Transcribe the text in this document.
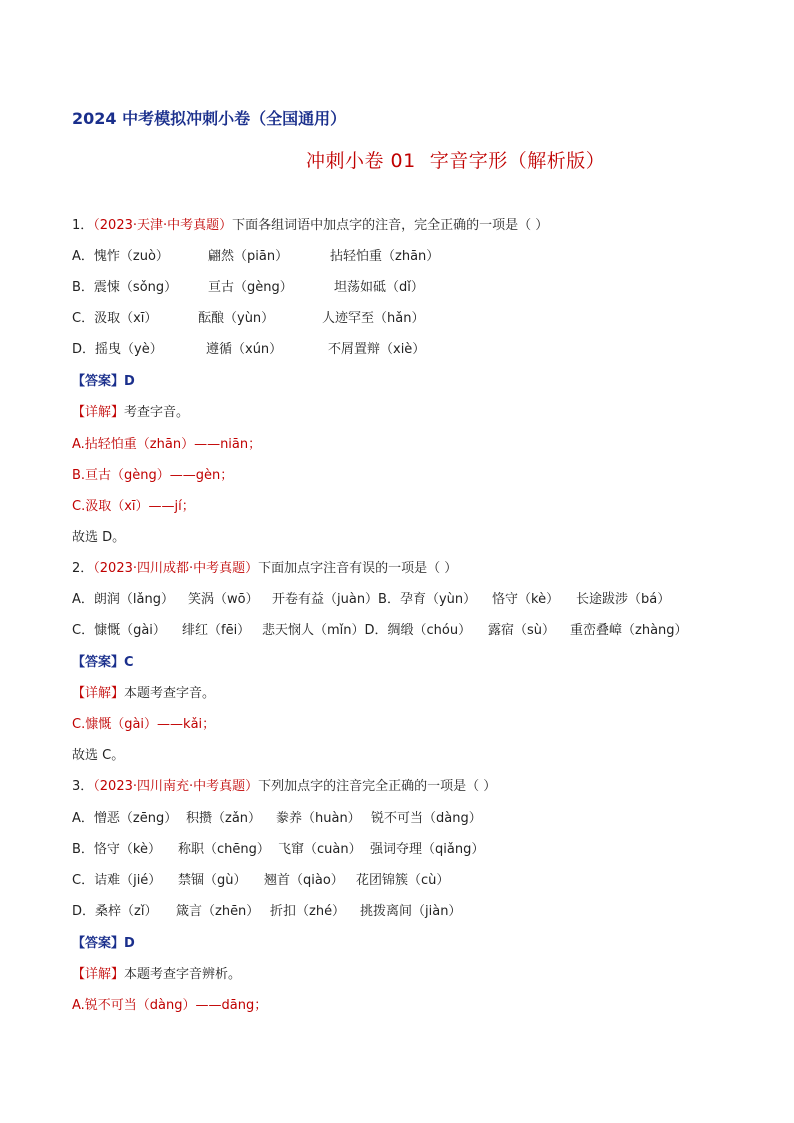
2024 中考模拟冲刺小卷（全国通用）
冲刺小卷 01 字音字形（解析版）
1．（2023·天津·中考真题）下面各组词语中加点字的注音，完全正确的一项是（ ）
A．愧怍（zuò）	翩然（piān）	拈轻怕重（zhān）
B．震悚（sǒng） 亘古（gèng）	坦荡如砥（dǐ）
C．汲取（xī）	酝酿（yùn）	人迹罕至（hǎn）
D．摇曳（yè）	遵循（xún）	不屑置辩（xiè）
【答案】D
【详解】考查字音。
A.拈轻怕重（zhān）——niān；
B.亘古（gèng）——gèn；
C.汲取（xī）——jí；
故选 D。
2．（2023·四川成都·中考真题）下面加点字注音有误的一项是（ ）
A．朗润（lǎng） 笑涡（wō） 开卷有益（juàn）B．孕育（yùn） 恪守（kè） 长途跋涉（bá）
C．慷慨（gài） 绯红（fēi） 悲天悯人（mǐn）D．绸缎（chóu） 露宿（sù） 重峦叠嶂（zhàng）
【答案】C
【详解】本题考查字音。
C.慷慨（gài）——kǎi；
故选 C。
3．（2023·四川南充·中考真题）下列加点字的注音完全正确的一项是（ ）
A．憎恶（zēng） 积攒（zǎn） 豢养（huàn） 锐不可当（dàng）
B．恪守（kè） 称职（chēng） 飞窜（cuàn） 强词夺理（qiǎng）
C．诘难（jié） 禁锢（gù） 翘首（qiào） 花团锦簇（cù）
D．桑梓（zǐ） 箴言（zhēn） 折扣（zhé） 挑拨离间（jiàn）
【答案】D
【详解】本题考查字音辨析。
A.锐不可当（dàng）——dāng；
